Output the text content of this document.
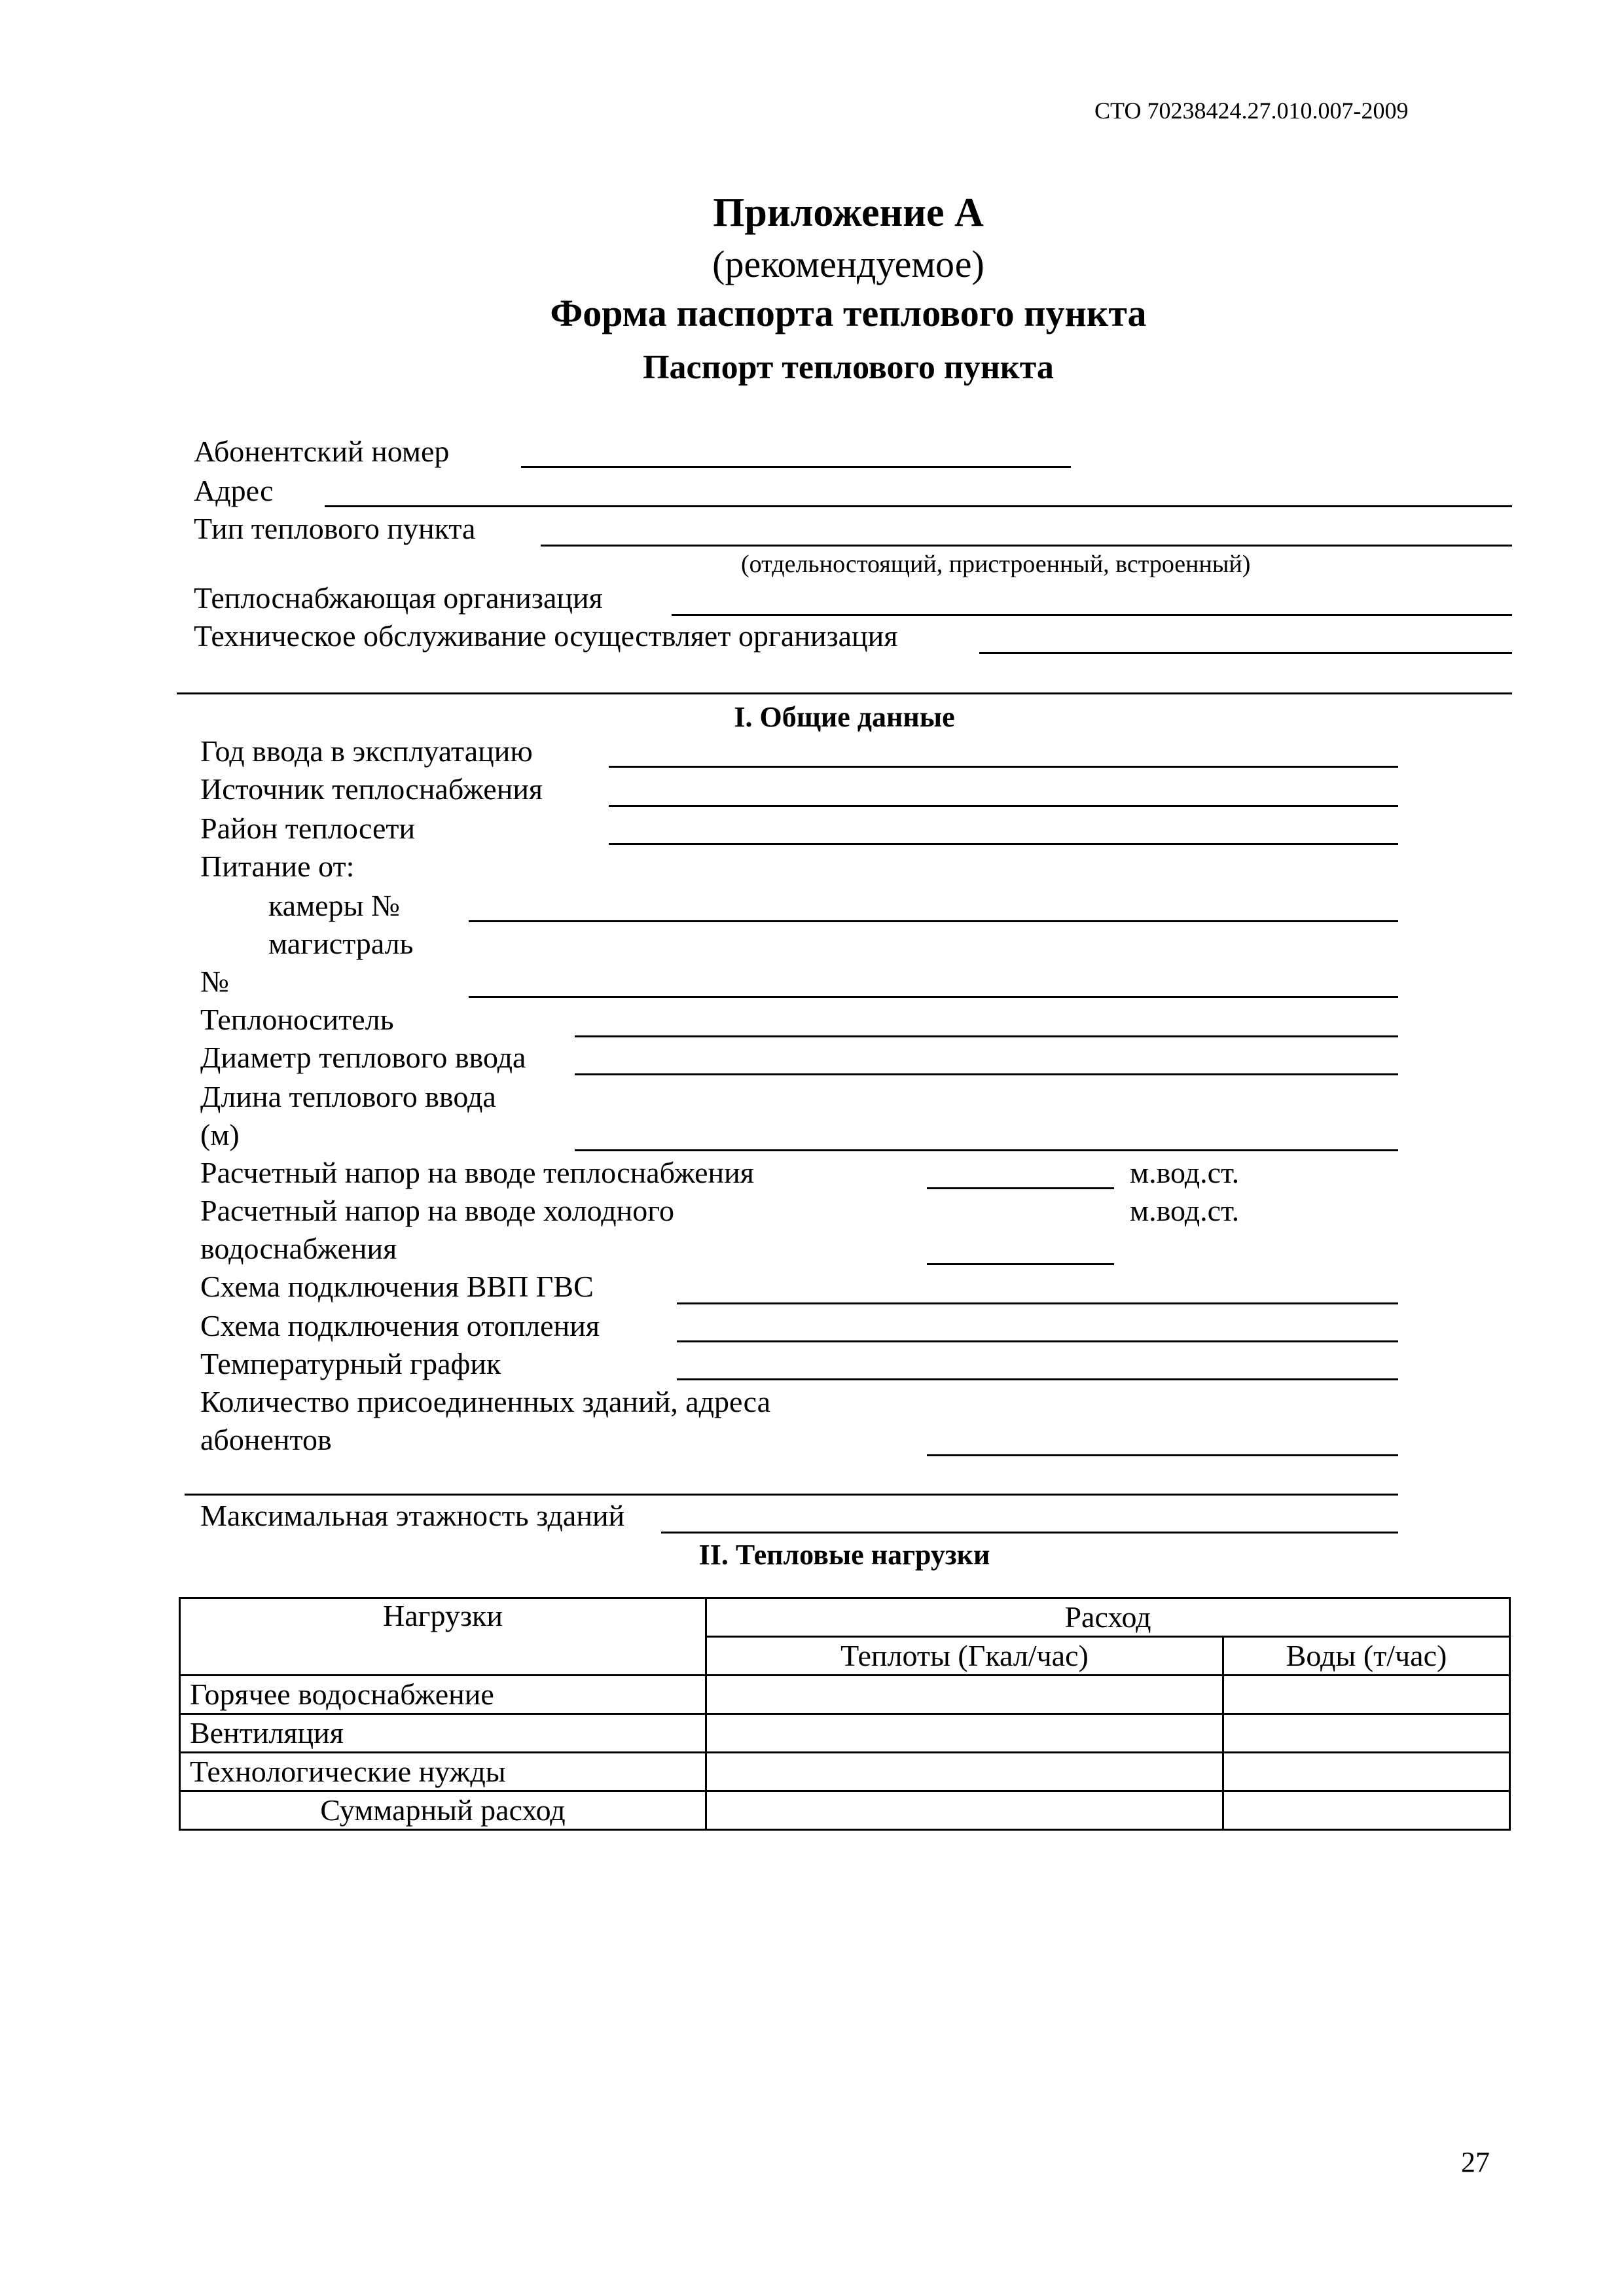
СТО 70238424.27.010.007-2009
Приложение А
(рекомендуемое)
Форма паспорта теплового пункта
Паспорт теплового пункта
Абонентский номер
Адрес
Тип теплового пункта
(отдельностоящий, пристроенный, встроенный)
Теплоснабжающая организация
Техническое обслуживание осуществляет организация
I. Общие данные
Год ввода в эксплуатацию
Источник теплоснабжения
Район теплосети
Питание от:
камеры №
магистраль
№
Теплоноситель
Диаметр теплового ввода
Длина теплового ввода
(м)
Расчетный напор на вводе теплоснабжения	м.вод.ст.
Расчетный напор на вводе холодного	м.вод.ст.
водоснабжения
Схема подключения ВВП ГВС
Схема подключения отопления
Температурный график
Количество присоединенных зданий, адреса
абонентов
Максимальная этажность зданий
II. Тепловые нагрузки
Нагрузки	Расход	
	Теплоты (Гкал/час)	Воды (т/час)
Горячее водоснабжение		
Вентиляция		
Технологические нужды		
Суммарный расход		
27
